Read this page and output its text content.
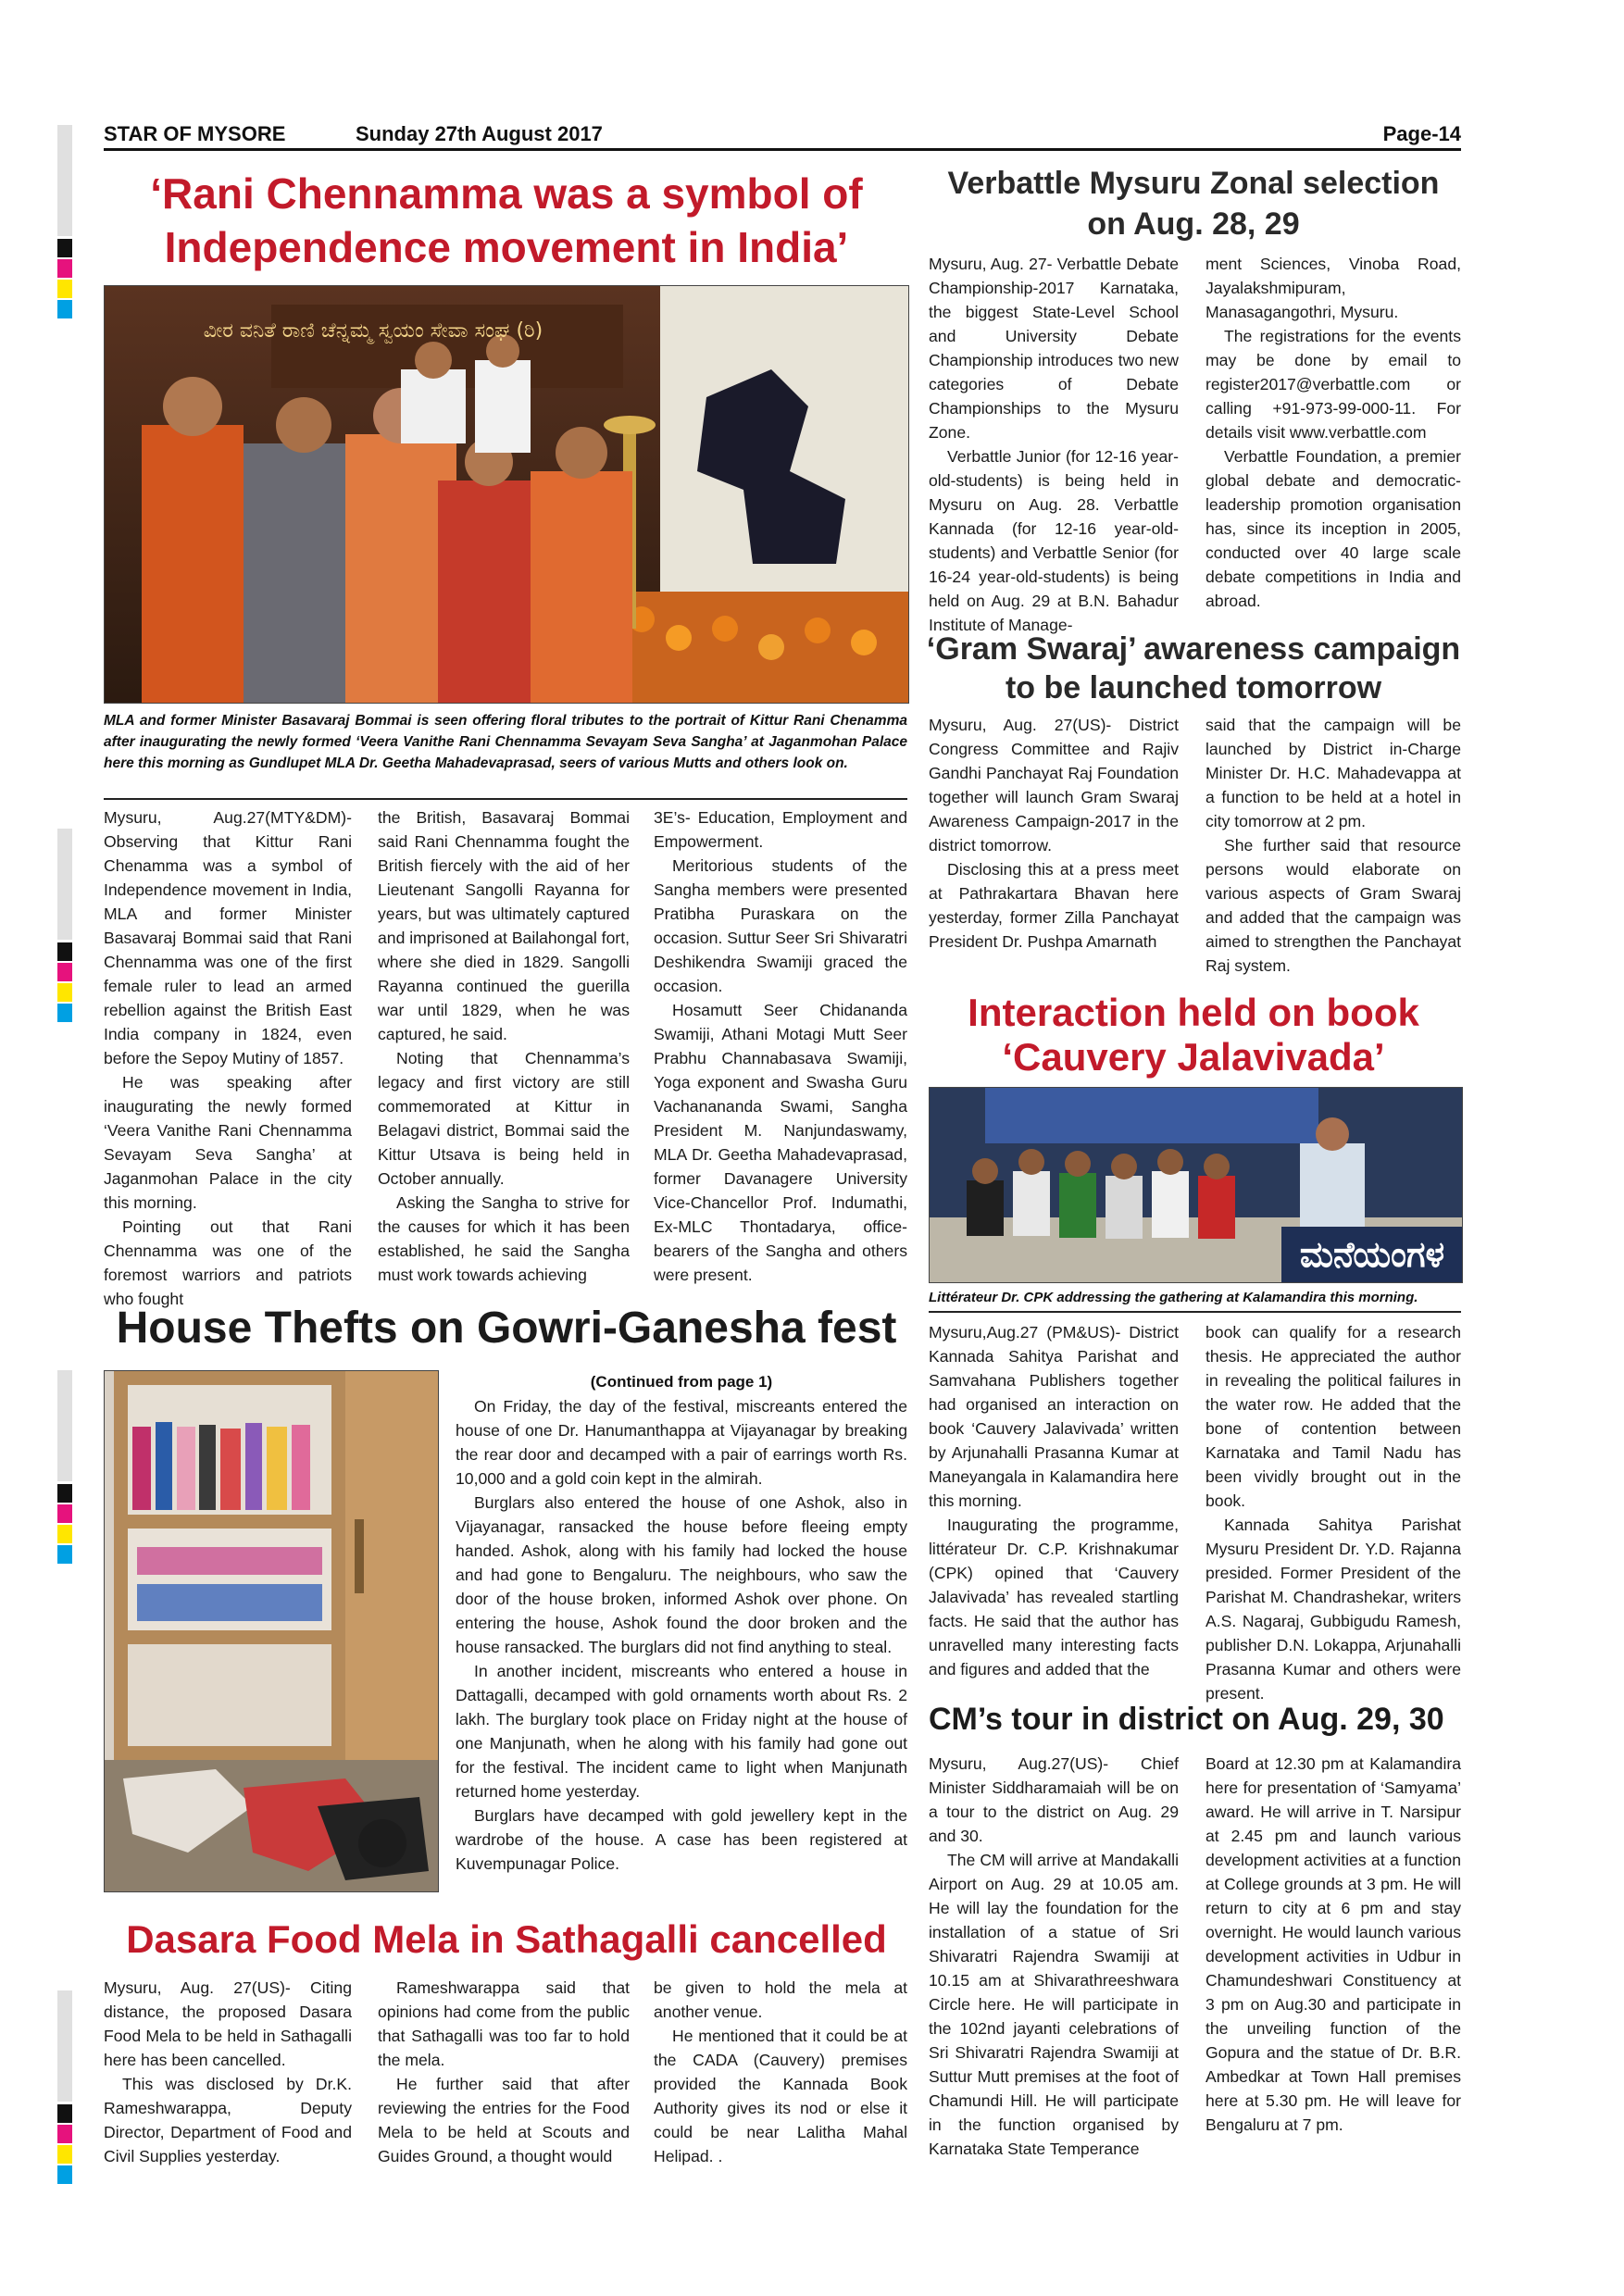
STAR OF MYSORE	Sunday 27th August 2017	Page-14
‘Rani Chennamma was a symbol of Independence movement in India’
ವೀರ ವನಿತೆ ರಾಣಿ ಚೆನ್ನಮ್ಮ ಸ್ವಯಂ ಸೇವಾ ಸಂಘ (ರಿ)
MLA and former Minister Basavaraj Bommai is seen offering floral tributes to the portrait of Kittur Rani Chenamma after inaugurating the newly formed ‘Veera Vanithe Rani Chennamma Sevayam Seva Sangha’ at Jaganmohan Palace here this morning as Gundlupet MLA Dr. Geetha Mahadevaprasad, seers of various Mutts and others look on.

Mysuru, Aug.27(MTY&DM)- Observing that Kittur Rani Chenamma was a symbol of Independence movement in India, MLA and former Minister Basavaraj Bommai said that Rani Chennamma was one of the first female ruler to lead an armed rebellion against the British East India company in 1824, even before the Sepoy Mutiny of 1857.

He was speaking after inaugurating the newly formed ‘Veera Vanithe Rani Chennamma Sevayam Seva Sangha’ at Jaganmohan Palace in the city this morning.

Pointing out that Rani Chennamma was one of the foremost warriors and patriots who fought

the British, Basavaraj Bommai said Rani Chennamma fought the British fiercely with the aid of her Lieutenant Sangolli Rayanna for years, but was ultimately captured and imprisoned at Bailahongal fort, where she died in 1829. Sangolli Rayanna continued the guerilla war until 1829, when he was captured, he said.

Noting that Chennamma’s legacy and first victory are still commemorated at Kittur in Belagavi district, Bommai said the Kittur Utsava is being held in October annually.

Asking the Sangha to strive for the causes for which it has been established, he said the Sangha must work towards achieving

3E’s- Education, Employment and Empowerment.

Meritorious students of the Sangha members were presented Pratibha Puraskara on the occasion. Suttur Seer Sri Shivaratri Deshikendra Swamiji graced the occasion.

Hosamutt Seer Chidananda Swamiji, Athani Motagi Mutt Seer Prabhu Channabasava Swamiji, Yoga exponent and Swasha Guru Vachanananda Swami, Sangha President M. Nanjundaswamy, MLA Dr. Geetha Mahadevaprasad, former Davanagere University Vice-Chancellor Prof. Indumathi, Ex-MLC Thontadarya, office-bearers of the Sangha and others were present.

House Thefts on Gowri-Ganesha fest
(Continued from page 1)

On Friday, the day of the festival, miscreants entered the house of one Dr. Hanumanthappa at Vijayanagar by breaking the rear door and decamped with a pair of earrings worth Rs. 10,000 and a gold coin kept in the almirah.

Burglars also entered the house of one Ashok, also in Vijayanagar, ransacked the house before fleeing empty handed. Ashok, along with his family had locked the house and had gone to Bengaluru. The neighbours, who saw the door of the house broken, informed Ashok over phone. On entering the house, Ashok found the door broken and the house ransacked. The burglars did not find anything to steal.

In another incident, miscreants who entered a house in Dattagalli, decamped with gold ornaments worth about Rs. 2 lakh. The burglary took place on Friday night at the house of one Manjunath, when he along with his family had gone out for the festival. The incident came to light when Manjunath returned home yesterday.

Burglars have decamped with gold jewellery kept in the wardrobe of the house. A case has been registered at Kuvempunagar Police.

Dasara Food Mela in Sathagalli cancelled

Mysuru, Aug. 27(US)- Citing distance, the proposed Dasara Food Mela to be held in Sathagalli here has been cancelled.

This was disclosed by Dr.K. Rameshwarappa, Deputy Director, Department of Food and Civil Supplies yesterday.

Rameshwarappa said that opinions had come from the public that Sathagalli was too far to hold the mela.

He further said that after reviewing the entries for the Food Mela to be held at Scouts and Guides Ground, a thought would

be given to hold the mela at another venue.

He mentioned that it could be at the CADA (Cauvery) premises provided the Kannada Book Authority gives its nod or else it could be near Lalitha Mahal Helipad. .

Verbattle Mysuru Zonal selection on Aug. 28, 29

Mysuru, Aug. 27- Verbattle Debate Championship-2017 Karnataka, the biggest State-Level School and University Debate Championship introduces two new categories of Debate Championships to the Mysuru Zone.

Verbattle Junior (for 12-16 year-old-students) is being held in Mysuru on Aug. 28. Verbattle Kannada (for 12-16 year-old-students) and Verbattle Senior (for 16-24 year-old-students) is being held on Aug. 29 at B.N. Bahadur Institute of Manage-

ment Sciences, Vinoba Road, Jayalakshmipuram, Manasagangothri, Mysuru.

The registrations for the events may be done by email to register2017@verbattle.com or calling +91-973-99-000-11. For details visit www.verbattle.com

Verbattle Foundation, a premier global debate and democratic-leadership promotion organisation has, since its inception in 2005, conducted over 40 large scale debate competitions in India and abroad.

‘Gram Swaraj’ awareness campaign to be launched tomorrow

Mysuru, Aug. 27(US)- District Congress Committee and Rajiv Gandhi Panchayat Raj Foundation together will launch Gram Swaraj Awareness Campaign-2017 in the district tomorrow.

Disclosing this at a press meet at Pathrakartara Bhavan here yesterday, former Zilla Panchayat President Dr. Pushpa Amarnath

said that the campaign will be launched by District in-Charge Minister Dr. H.C. Mahadevappa at a function to be held at a hotel in city tomorrow at 2 pm.

She further said that resource persons would elaborate on various aspects of Gram Swaraj and added that the campaign was aimed to strengthen the Panchayat Raj system.

Interaction held on book ‘Cauvery Jalavivada’
ಮನೆಯಂಗಳ
Littérateur Dr. CPK addressing the gathering at Kalamandira this morning.

Mysuru,Aug.27 (PM&US)- District Kannada Sahitya Parishat and Samvahana Publishers together had organised an interaction on book ‘Cauvery Jalavivada’ written by Arjunahalli Prasanna Kumar at Maneyangala in Kalamandira here this morning.

Inaugurating the programme, littérateur Dr. C.P. Krishnakumar (CPK) opined that ‘Cauvery Jalavivada’ has revealed startling facts. He said that the author has unravelled many interesting facts and figures and added that the

book can qualify for a research thesis. He appreciated the author in revealing the political failures in the water row. He added that the bone of contention between Karnataka and Tamil Nadu has been vividly brought out in the book.

Kannada Sahitya Parishat Mysuru President Dr. Y.D. Rajanna presided. Former President of the Parishat M. Chandrashekar, writers A.S. Nagaraj, Gubbigudu Ramesh, publisher D.N. Lokappa, Arjunahalli Prasanna Kumar and others were present.

CM’s tour in district on Aug. 29, 30

Mysuru, Aug.27(US)- Chief Minister Siddharamaiah will be on a tour to the district on Aug. 29 and 30.

The CM will arrive at Mandakalli Airport on Aug. 29 at 10.05 am. He will lay the foundation for the installation of a statue of Sri Shivaratri Rajendra Swamiji at 10.15 am at Shivarathreeshwara Circle here. He will participate in the 102nd jayanti celebrations of Sri Shivaratri Rajendra Swamiji at Suttur Mutt premises at the foot of Chamundi Hill. He will participate in the function organised by Karnataka State Temperance

Board at 12.30 pm at Kalamandira here for presentation of ‘Samyama’ award. He will arrive in T. Narsipur at 2.45 pm and launch various development activities at a function at College grounds at 3 pm. He will return to city at 6 pm and stay overnight. He would launch various development activities in Udbur in Chamundeshwari Constituency at 3 pm on Aug.30 and participate in the unveiling function of the Gopura and the statue of Dr. B.R. Ambedkar at Town Hall premises here at 5.30 pm. He will leave for Bengaluru at 7 pm.
